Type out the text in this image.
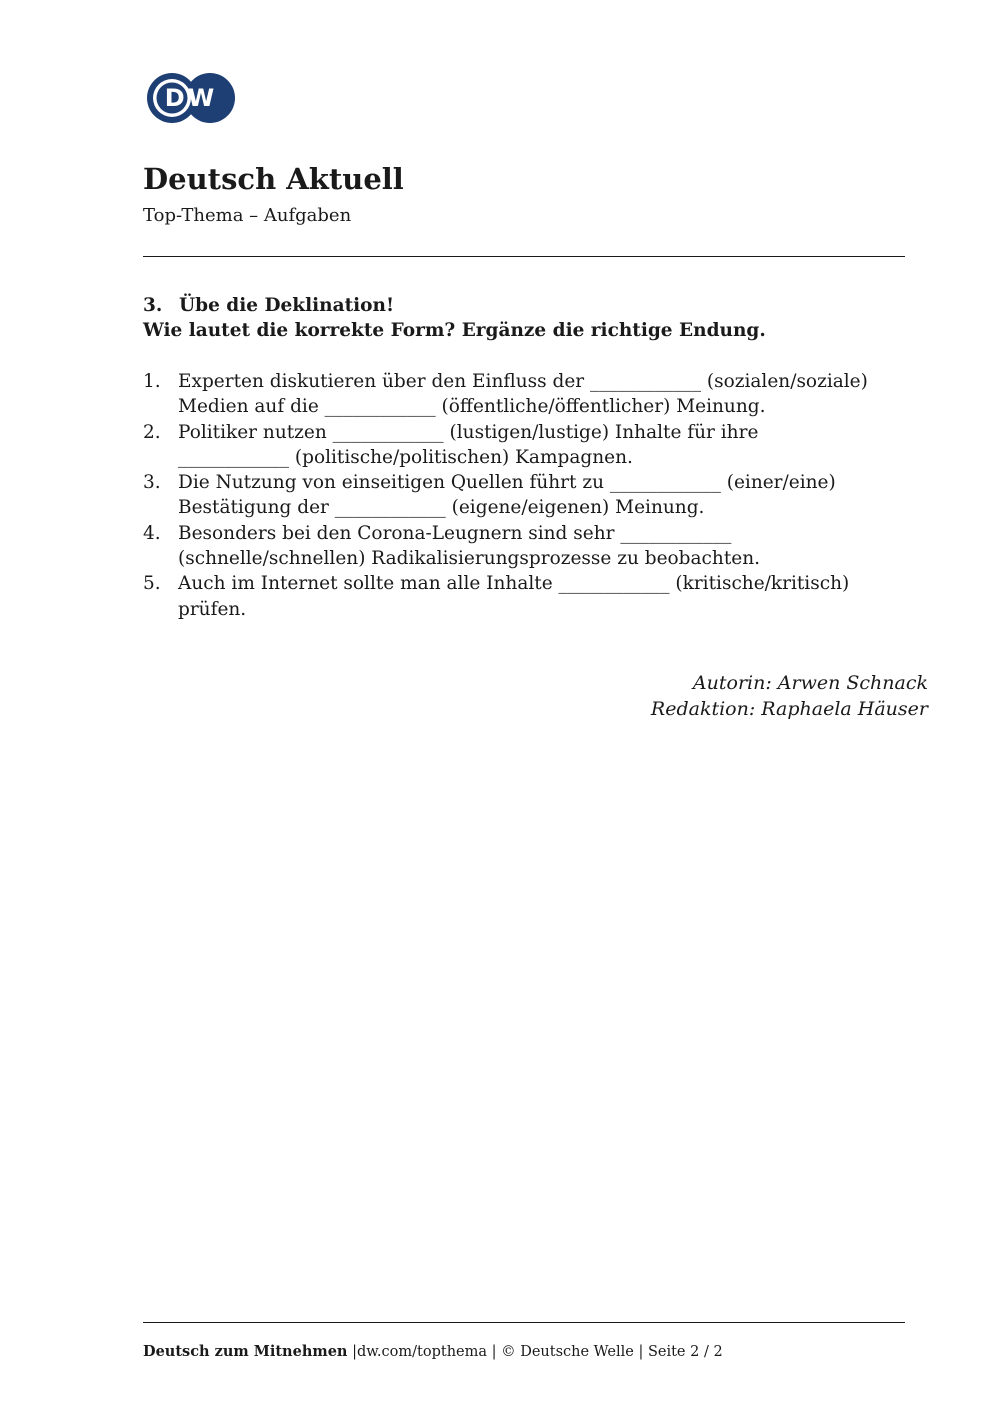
DW
Deutsch Aktuell
Top-Thema – Aufgaben
3. Übe die Deklination!
Wie lautet die korrekte Form? Ergänze die richtige Endung.
1. Experten diskutieren über den Einfluss der ____________ (sozialen/soziale)
Medien auf die ____________ (öffentliche/öffentlicher) Meinung.
2. Politiker nutzen ____________ (lustigen/lustige) Inhalte für ihre
____________ (politische/politischen) Kampagnen.
3. Die Nutzung von einseitigen Quellen führt zu ____________ (einer/eine)
Bestätigung der ____________ (eigene/eigenen) Meinung.
4. Besonders bei den Corona-Leugnern sind sehr ____________
(schnelle/schnellen) Radikalisierungsprozesse zu beobachten.
5. Auch im Internet sollte man alle Inhalte ____________ (kritische/kritisch)
prüfen.
Autorin: Arwen Schnack
Redaktion: Raphaela Häuser
Deutsch zum Mitnehmen |dw.com/topthema | © Deutsche Welle | Seite 2 / 2
